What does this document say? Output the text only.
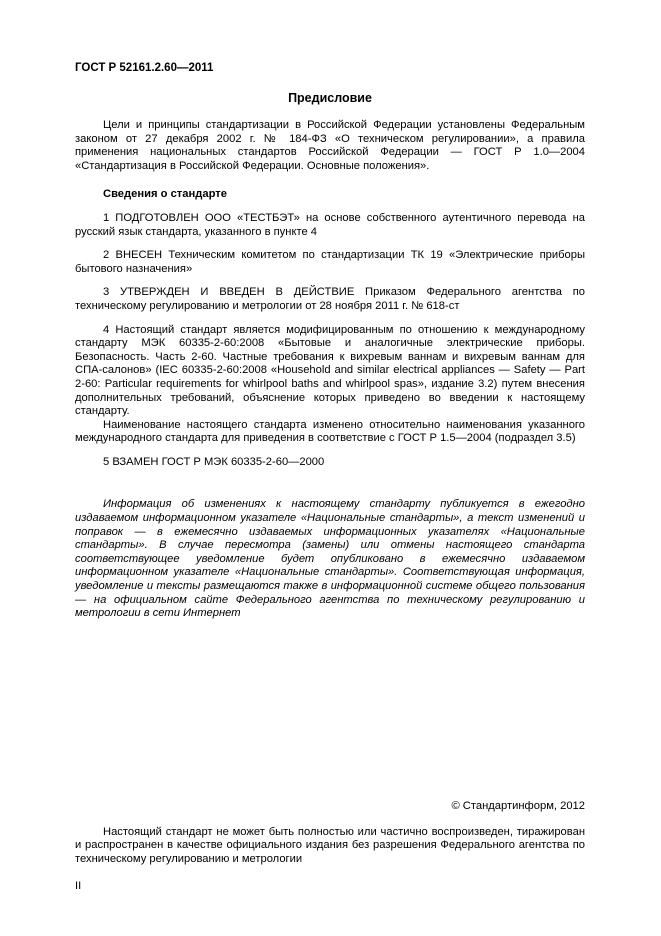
ГОСТ Р 52161.2.60—2011
Предисловие

Цели и принципы стандартизации в Российской Федерации установлены Федеральным законом от 27 декабря 2002 г. № 184-ФЗ «О техническом регулировании», а правила применения национальных стандартов Российской Федерации — ГОСТ Р 1.0—2004 «Стандартизация в Российской Федерации. Основные положения».

Сведения о стандарте

1 ПОДГОТОВЛЕН ООО «ТЕСТБЭТ» на основе собственного аутентичного перевода на русский язык стандарта, указанного в пункте 4

2 ВНЕСЕН Техническим комитетом по стандартизации ТК 19 «Электрические приборы бытового назначения»

3 УТВЕРЖДЕН И ВВЕДЕН В ДЕЙСТВИЕ Приказом Федерального агентства по техническому регулированию и метрологии от 28 ноября 2011 г. № 618-ст

4 Настоящий стандарт является модифицированным по отношению к международному стандарту МЭК 60335-2-60:2008 «Бытовые и аналогичные электрические приборы. Безопасность. Часть 2-60. Частные требования к вихревым ваннам и вихревым ваннам для СПА-салонов» (IEC 60335-2-60:2008 «Household and similar electrical appliances — Safety — Part 2-60: Particular requirements for whirlpool baths and whirlpool spas», издание 3.2) путем внесения дополнительных требований, объяснение которых приведено во введении к настоящему стандарту.

Наименование настоящего стандарта изменено относительно наименования указанного международного стандарта для приведения в соответствие с ГОСТ Р 1.5—2004 (подраздел 3.5)

5 ВЗАМЕН ГОСТ Р МЭК 60335-2-60—2000

Информация об изменениях к настоящему стандарту публикуется в ежегодно издаваемом информационном указателе «Национальные стандарты», а текст изменений и поправок — в ежемесячно издаваемых информационных указателях «Национальные стандарты». В случае пересмотра (замены) или отмены настоящего стандарта соответствующее уведомление будет опубликовано в ежемесячно издаваемом информационном указателе «Национальные стандарты». Соответствующая информация, уведомление и тексты размещаются также в информационной системе общего пользования — на официальном сайте Федерального агентства по техническому регулированию и метрологии в сети Интернет

© Стандартинформ, 2012

Настоящий стандарт не может быть полностью или частично воспроизведен, тиражирован и распространен в качестве официального издания без разрешения Федерального агентства по техническому регулированию и метрологии

II
